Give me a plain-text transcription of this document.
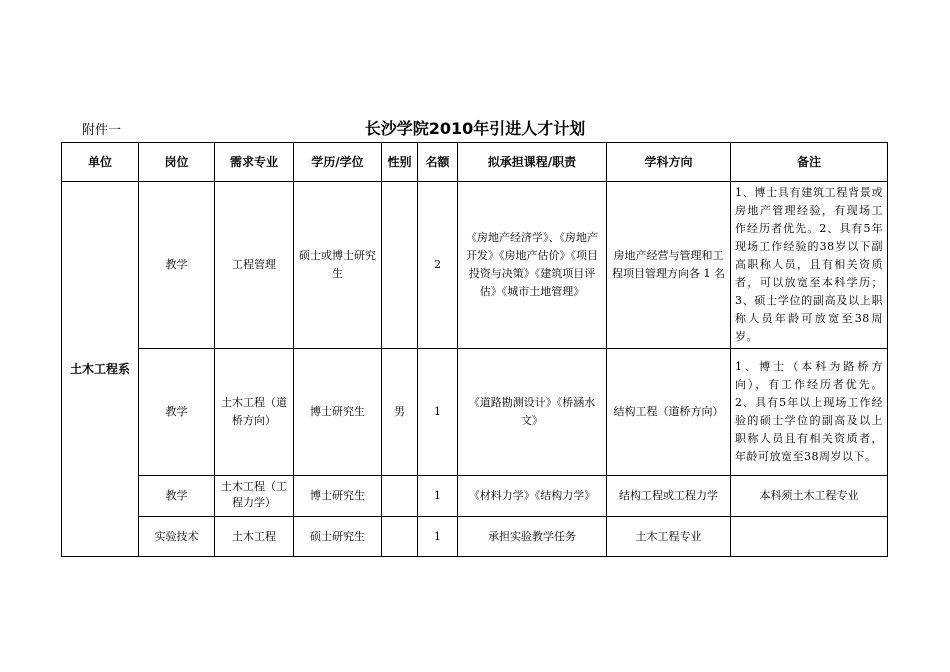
附件一	长沙学院2010年引进人才计划
单位	岗位	需求专业	学历/学位	性别	名额	拟承担课程/职责	学科方向	备注
土木工程系	教学	工程管理	硕士或博士研究生		2	《房地产经济学》、《房地产开发》《房地产估价》《项目投资与决策》《建筑项目评估》《城市土地管理》	房地产经营与管理和工程项目管理方向各 1 名	1、博士具有建筑工程背景或房地产管理经验，有现场工作经历者优先。2、具有5年现场工作经验的38岁以下副高职称人员，且有相关资质者，可以放宽至本科学历；3、硕士学位的副高及以上职称人员年龄可放宽至38周岁。
	教学	土木工程（道桥方向）	博士研究生	男	1	《道路勘测设计》《桥涵水文》	结构工程（道桥方向）	1、博士（本科为路桥方向），有工作经历者优先。2、具有5年以上现场工作经验的硕士学位的副高及以上职称人员且有相关资质者，年龄可放宽至38周岁以下。
	教学	土木工程（工程力学）	博士研究生		1	《材料力学》《结构力学》	结构工程或工程力学	本科须土木工程专业
	实验技术	土木工程	硕士研究生		1	承担实验教学任务	土木工程专业	
